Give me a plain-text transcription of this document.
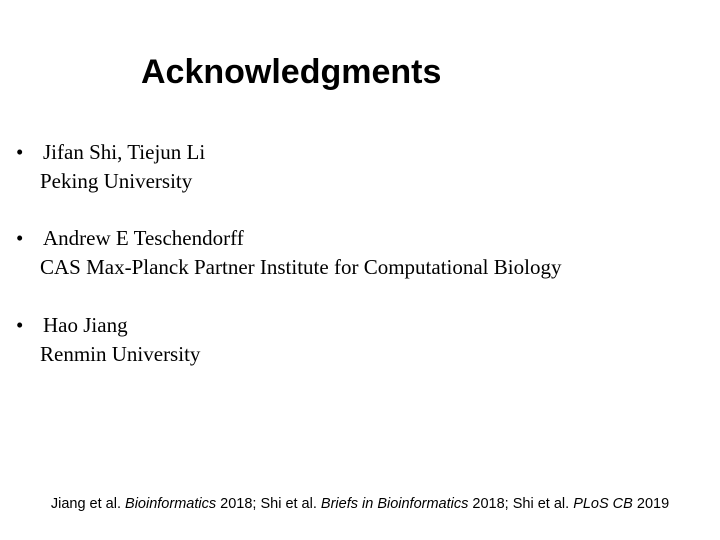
Acknowledgments
• Jifan Shi, Tiejun Li
Peking University
• Andrew E Teschendorff
CAS Max-Planck Partner Institute for Computational Biology
• Hao Jiang
Renmin University
Jiang et al. Bioinformatics 2018; Shi et al. Briefs in Bioinformatics 2018; Shi et al. PLoS CB 2019
